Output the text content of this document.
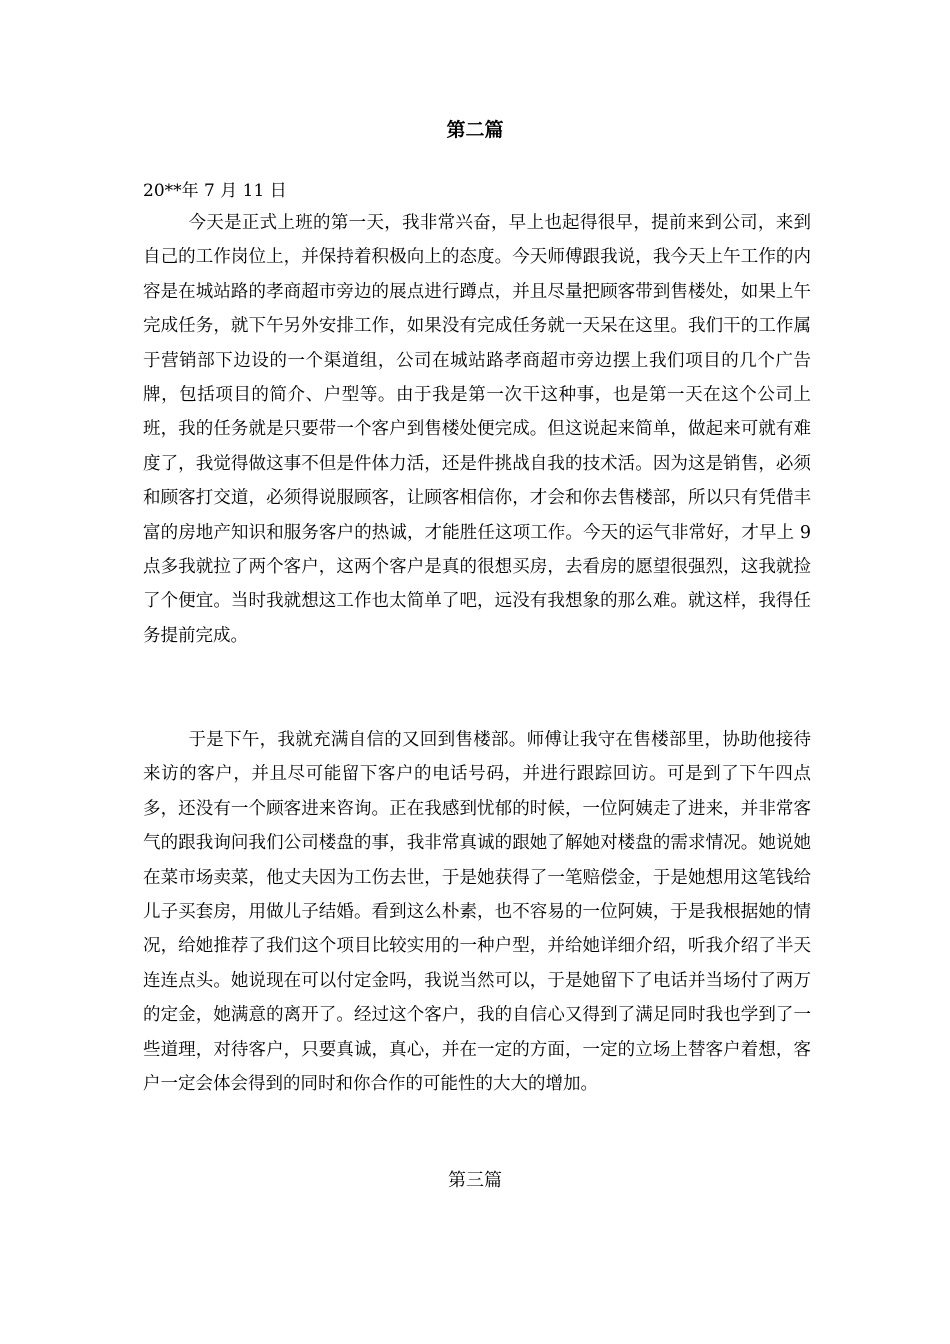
第二篇
20**年 7 月 11 日

今天是正式上班的第一天，我非常兴奋，早上也起得很早，提前来到公司，来到自己的工作岗位上，并保持着积极向上的态度。今天师傅跟我说，我今天上午工作的内容是在城站路的孝商超市旁边的展点进行蹲点，并且尽量把顾客带到售楼处，如果上午完成任务，就下午另外安排工作，如果没有完成任务就一天呆在这里。我们干的工作属于营销部下边设的一个渠道组，公司在城站路孝商超市旁边摆上我们项目的几个广告牌，包括项目的简介、户型等。由于我是第一次干这种事，也是第一天在这个公司上班，我的任务就是只要带一个客户到售楼处便完成。但这说起来简单，做起来可就有难度了，我觉得做这事不但是件体力活，还是件挑战自我的技术活。因为这是销售，必须和顾客打交道，必须得说服顾客，让顾客相信你，才会和你去售楼部，所以只有凭借丰富的房地产知识和服务客户的热诚，才能胜任这项工作。今天的运气非常好，才早上 9 点多我就拉了两个客户，这两个客户是真的很想买房，去看房的愿望很强烈，这我就捡了个便宜。当时我就想这工作也太简单了吧，远没有我想象的那么难。就这样，我得任务提前完成。

于是下午，我就充满自信的又回到售楼部。师傅让我守在售楼部里，协助他接待来访的客户，并且尽可能留下客户的电话号码，并进行跟踪回访。可是到了下午四点多，还没有一个顾客进来咨询。正在我感到忧郁的时候，一位阿姨走了进来，并非常客气的跟我询问我们公司楼盘的事，我非常真诚的跟她了解她对楼盘的需求情况。她说她在菜市场卖菜，他丈夫因为工伤去世，于是她获得了一笔赔偿金，于是她想用这笔钱给儿子买套房，用做儿子结婚。看到这么朴素，也不容易的一位阿姨，于是我根据她的情况，给她推荐了我们这个项目比较实用的一种户型，并给她详细介绍，听我介绍了半天连连点头。她说现在可以付定金吗，我说当然可以，于是她留下了电话并当场付了两万的定金，她满意的离开了。经过这个客户，我的自信心又得到了满足同时我也学到了一些道理，对待客户，只要真诚，真心，并在一定的方面，一定的立场上替客户着想，客户一定会体会得到的同时和你合作的可能性的大大的增加。

第三篇
